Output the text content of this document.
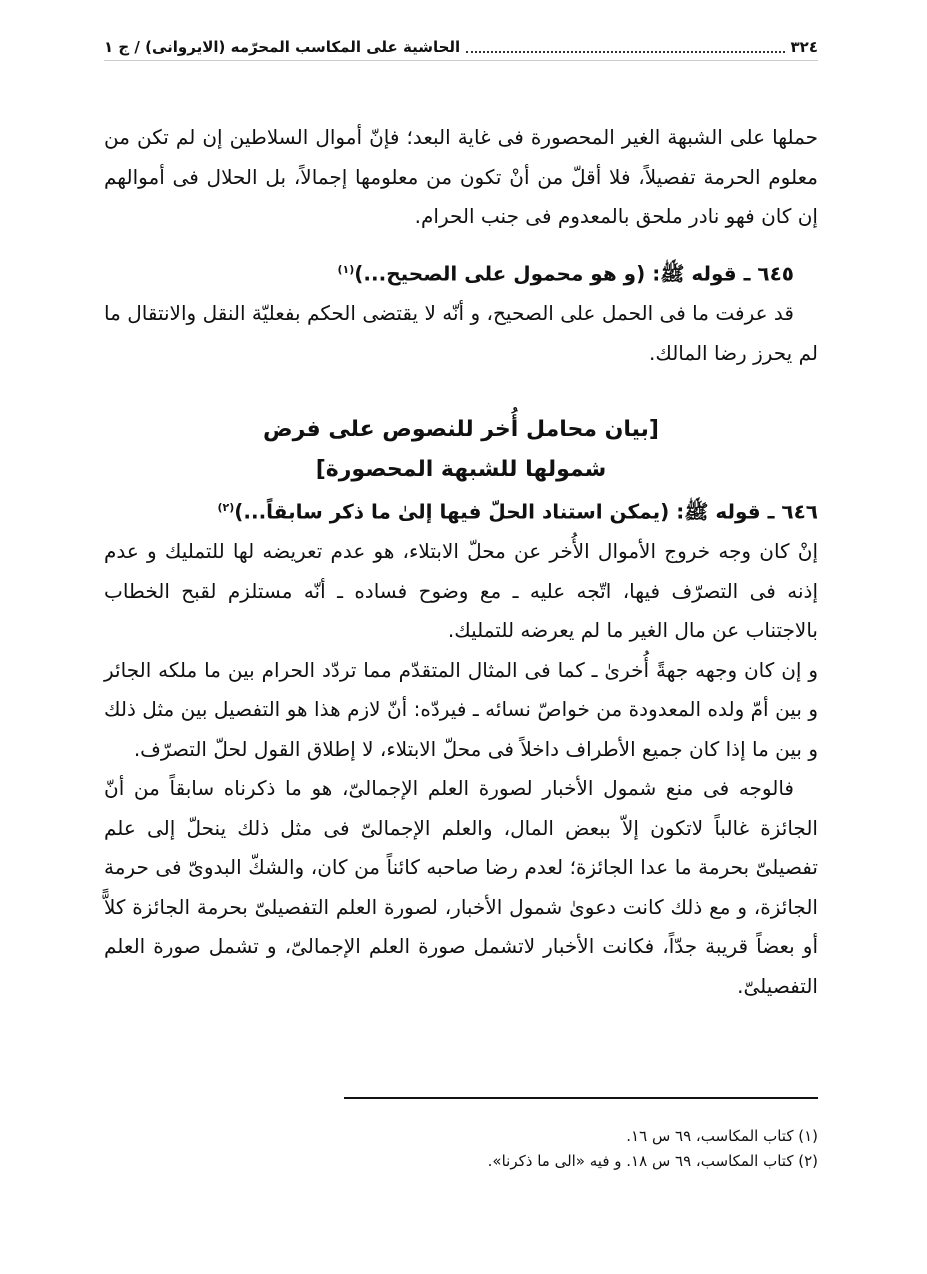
٣٢٤
الحاشية على المكاسب المحرّمه (الايروانى) / ج ١

حملها على الشبهة الغير المحصورة فى غاية البعد؛ فإنّ أموال السلاطين إن لم تكن من معلوم الحرمة تفصيلاً، فلا أقلّ من أنْ تكون من معلومها إجمالاً، بل الحلال فى أموالهم إن كان فهو نادر ملحق بالمعدوم فى جنب الحرام.

٦٤٥ ـ قوله ﷺ: (و هو محمول على الصحيح...)$^{(١)}$

قد عرفت ما فى الحمل على الصحيح، و أنّه لا يقتضى الحكم بفعليّة النقل والانتقال ما لم يحرز رضا المالك.

[بيان محامل أُخر للنصوص على فرض
شمولها للشبهة المحصورة]

٦٤٦ ـ قوله ﷺ: (يمكن استناد الحلّ فيها إلىٰ ما ذكر سابقاً...)$^{(٢)}$

إنْ كان وجه خروج الأموال الأُخر عن محلّ الابتلاء، هو عدم تعريضه لها للتمليك و عدم إذنه فى التصرّف فيها، اتّجه عليه ـ مع وضوح فساده ـ أنّه مستلزم لقبح الخطاب بالاجتناب عن مال الغير ما لم يعرضه للتمليك.

و إن كان وجهه جهةً أُخرىٰ ـ كما فى المثال المتقدّم مما تردّد الحرام بين ما ملكه الجائر و بين أمّ ولده المعدودة من خواصّ نسائه ـ فيردّه: أنّ لازم هذا هو التفصيل بين مثل ذلك و بين ما إذا كان جميع الأطراف داخلاً فى محلّ الابتلاء، لا إطلاق القول لحلّ التصرّف.

فالوجه فى منع شمول الأخبار لصورة العلم الإجمالىّ، هو ما ذكرناه سابقاً من أنّ الجائزة غالباً لاتكون إلاّ ببعض المال، والعلم الإجمالىّ فى مثل ذلك ينحلّ إلى علم تفصيلىّ بحرمة ما عدا الجائزة؛ لعدم رضا صاحبه كائناً من كان، والشكّ البدوىّ فى حرمة الجائزة، و مع ذلك كانت دعوىٰ شمول الأخبار، لصورة العلم التفصيلىّ بحرمة الجائزة كلاًّ أو بعضاً قريبة جدّاً، فكانت الأخبار لاتشمل صورة العلم الإجمالىّ، و تشمل صورة العلم التفصيلىّ.

(١) كتاب المكاسب، ٦٩ س ١٦.
(٢) كتاب المكاسب، ٦٩ س ١٨. و فيه «الى ما ذكرنا».
